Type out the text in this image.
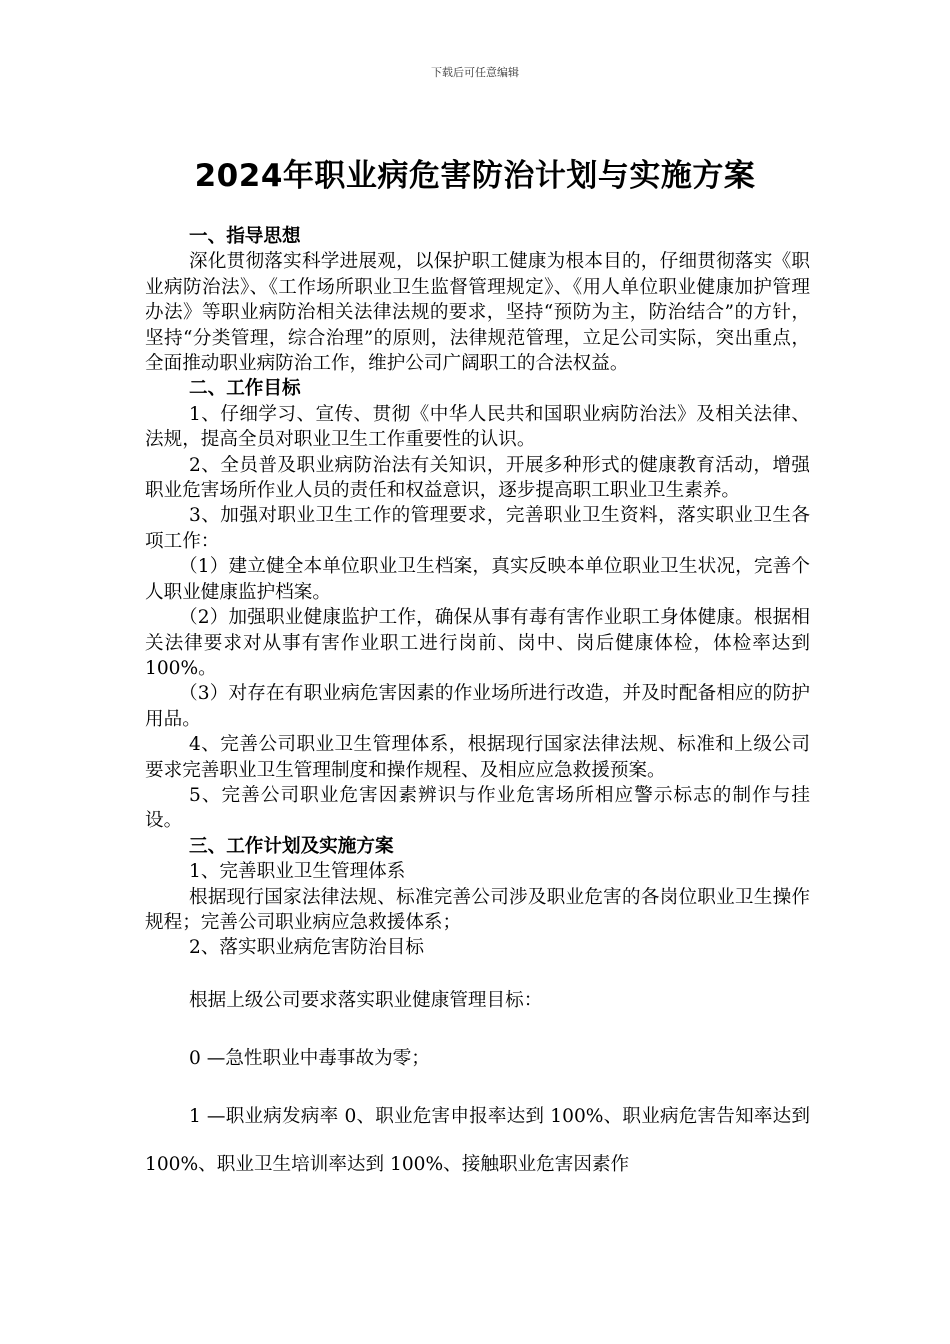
下载后可任意编辑
2024年职业病危害防治计划与实施方案

一、指导思想

深化贯彻落实科学进展观，以保护职工健康为根本目的，仔细贯彻落实《职业病防治法》、《工作场所职业卫生监督管理规定》、《用人单位职业健康加护管理办法》等职业病防治相关法律法规的要求，坚持“预防为主，防治结合”的方针，坚持“分类管理，综合治理”的原则，法律规范管理，立足公司实际，突出重点，全面推动职业病防治工作，维护公司广阔职工的合法权益。

二、工作目标

1、仔细学习、宣传、贯彻《中华人民共和国职业病防治法》及相关法律、法规，提高全员对职业卫生工作重要性的认识。

2、全员普及职业病防治法有关知识，开展多种形式的健康教育活动，增强职业危害场所作业人员的责任和权益意识，逐步提高职工职业卫生素养。

3、加强对职业卫生工作的管理要求，完善职业卫生资料，落实职业卫生各项工作：

（1）建立健全本单位职业卫生档案，真实反映本单位职业卫生状况，完善个人职业健康监护档案。

（2）加强职业健康监护工作，确保从事有毒有害作业职工身体健康。根据相关法律要求对从事有害作业职工进行岗前、岗中、岗后健康体检，体检率达到100%。

（3）对存在有职业病危害因素的作业场所进行改造，并及时配备相应的防护用品。

4、完善公司职业卫生管理体系，根据现行国家法律法规、标准和上级公司要求完善职业卫生管理制度和操作规程、及相应应急救援预案。

5、完善公司职业危害因素辨识与作业危害场所相应警示标志的制作与挂设。

三、工作计划及实施方案

1、完善职业卫生管理体系

根据现行国家法律法规、标准完善公司涉及职业危害的各岗位职业卫生操作规程；完善公司职业病应急救援体系；

2、落实职业病危害防治目标

根据上级公司要求落实职业健康管理目标：

0 —急性职业中毒事故为零；

1 —职业病发病率 0、职业危害申报率达到 100%、职业病危害告知率达到 100%、职业卫生培训率达到 100%、接触职业危害因素作
